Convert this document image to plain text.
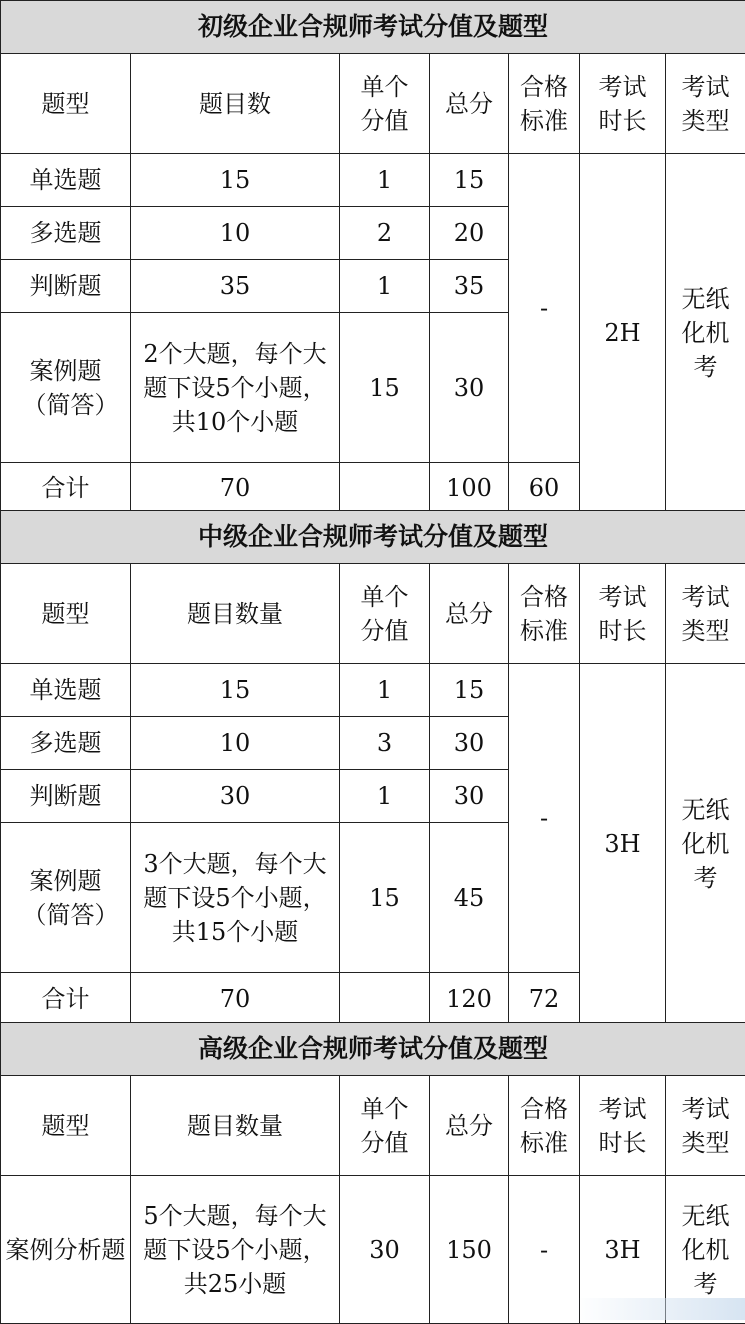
初级企业合规师考试分值及题型						
题型	题目数	单个分值	总分	合格标准	考试时长	考试类型
单选题	15	1	15	-	2H	无纸化机考
多选题	10	2	20			
判断题	35	1	35			
案例题（简答）	2个大题，每个大题下设5个小题，共10个小题	15	30			
合计	70		100	60		
中级企业合规师考试分值及题型						
题型	题目数量	单个分值	总分	合格标准	考试时长	考试类型
单选题	15	1	15	-	3H	无纸化机考
多选题	10	3	30			
判断题	30	1	30			
案例题（简答）	3个大题，每个大题下设5个小题，共15个小题	15	45			
合计	70		120	72		
高级企业合规师考试分值及题型						
题型	题目数量	单个分值	总分	合格标准	考试时长	考试类型
案例分析题	5个大题，每个大题下设5个小题，共25小题	30	150	-	3H	无纸化机考
